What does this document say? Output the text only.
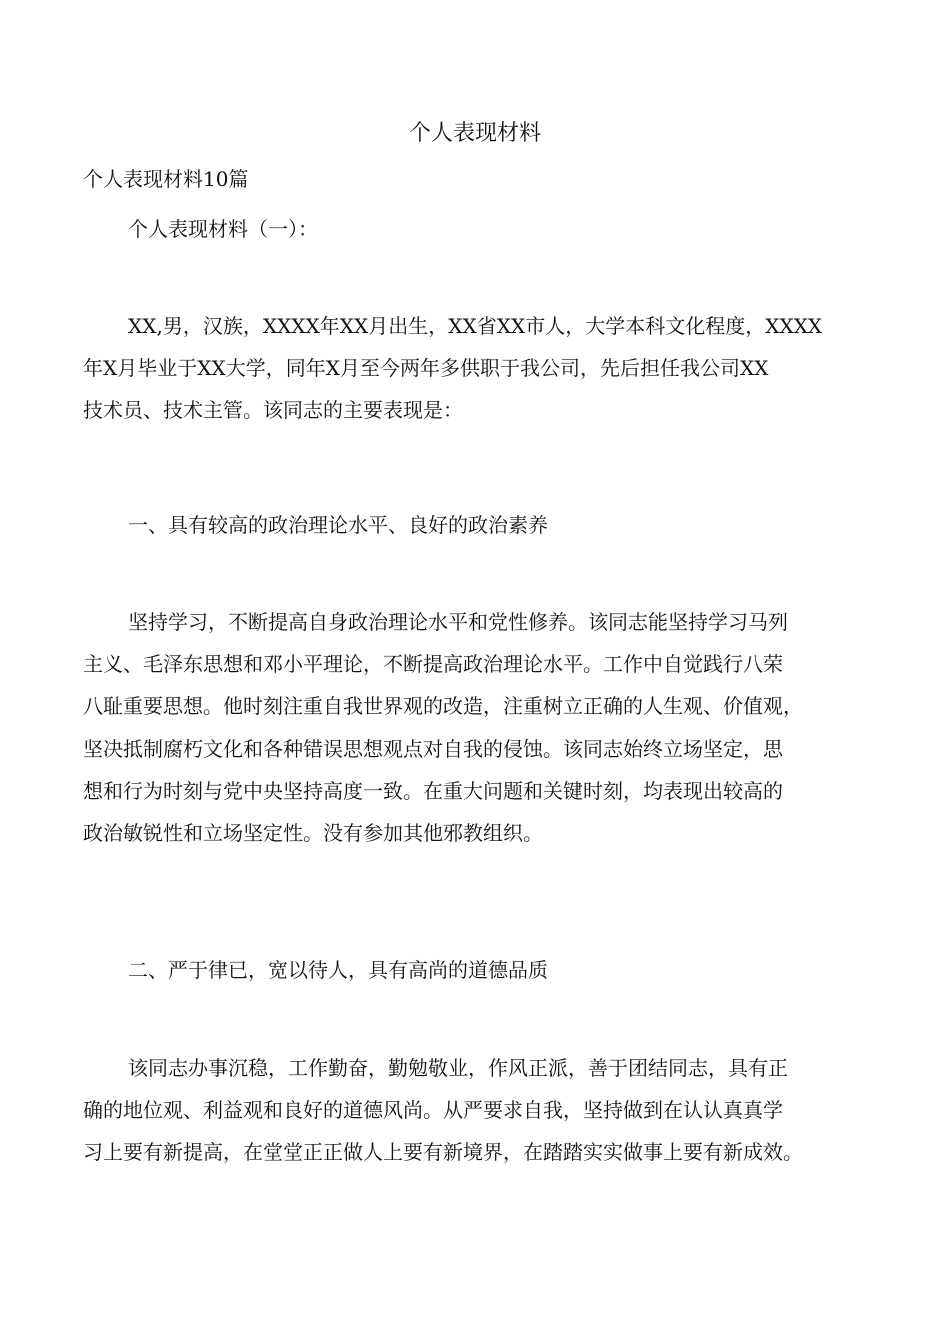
个人表现材料
个人表现材料10篇
个人表现材料（一）：
XX,男，汉族，XXXX年XX月出生，XX省XX市人，大学本科文化程度，XXXX
年X月毕业于XX大学，同年X月至今两年多供职于我公司，先后担任我公司XX
技术员、技术主管。该同志的主要表现是：
一、具有较高的政治理论水平、良好的政治素养
坚持学习，不断提高自身政治理论水平和党性修养。该同志能坚持学习马列
主义、毛泽东思想和邓小平理论，不断提高政治理论水平。工作中自觉践行八荣
八耻重要思想。他时刻注重自我世界观的改造，注重树立正确的人生观、价值观，
坚决抵制腐朽文化和各种错误思想观点对自我的侵蚀。该同志始终立场坚定，思
想和行为时刻与党中央坚持高度一致。在重大问题和关键时刻，均表现出较高的
政治敏锐性和立场坚定性。没有参加其他邪教组织。
二、严于律已，宽以待人，具有高尚的道德品质
该同志办事沉稳，工作勤奋，勤勉敬业，作风正派，善于团结同志，具有正
确的地位观、利益观和良好的道德风尚。从严要求自我，坚持做到在认认真真学
习上要有新提高，在堂堂正正做人上要有新境界，在踏踏实实做事上要有新成效。
